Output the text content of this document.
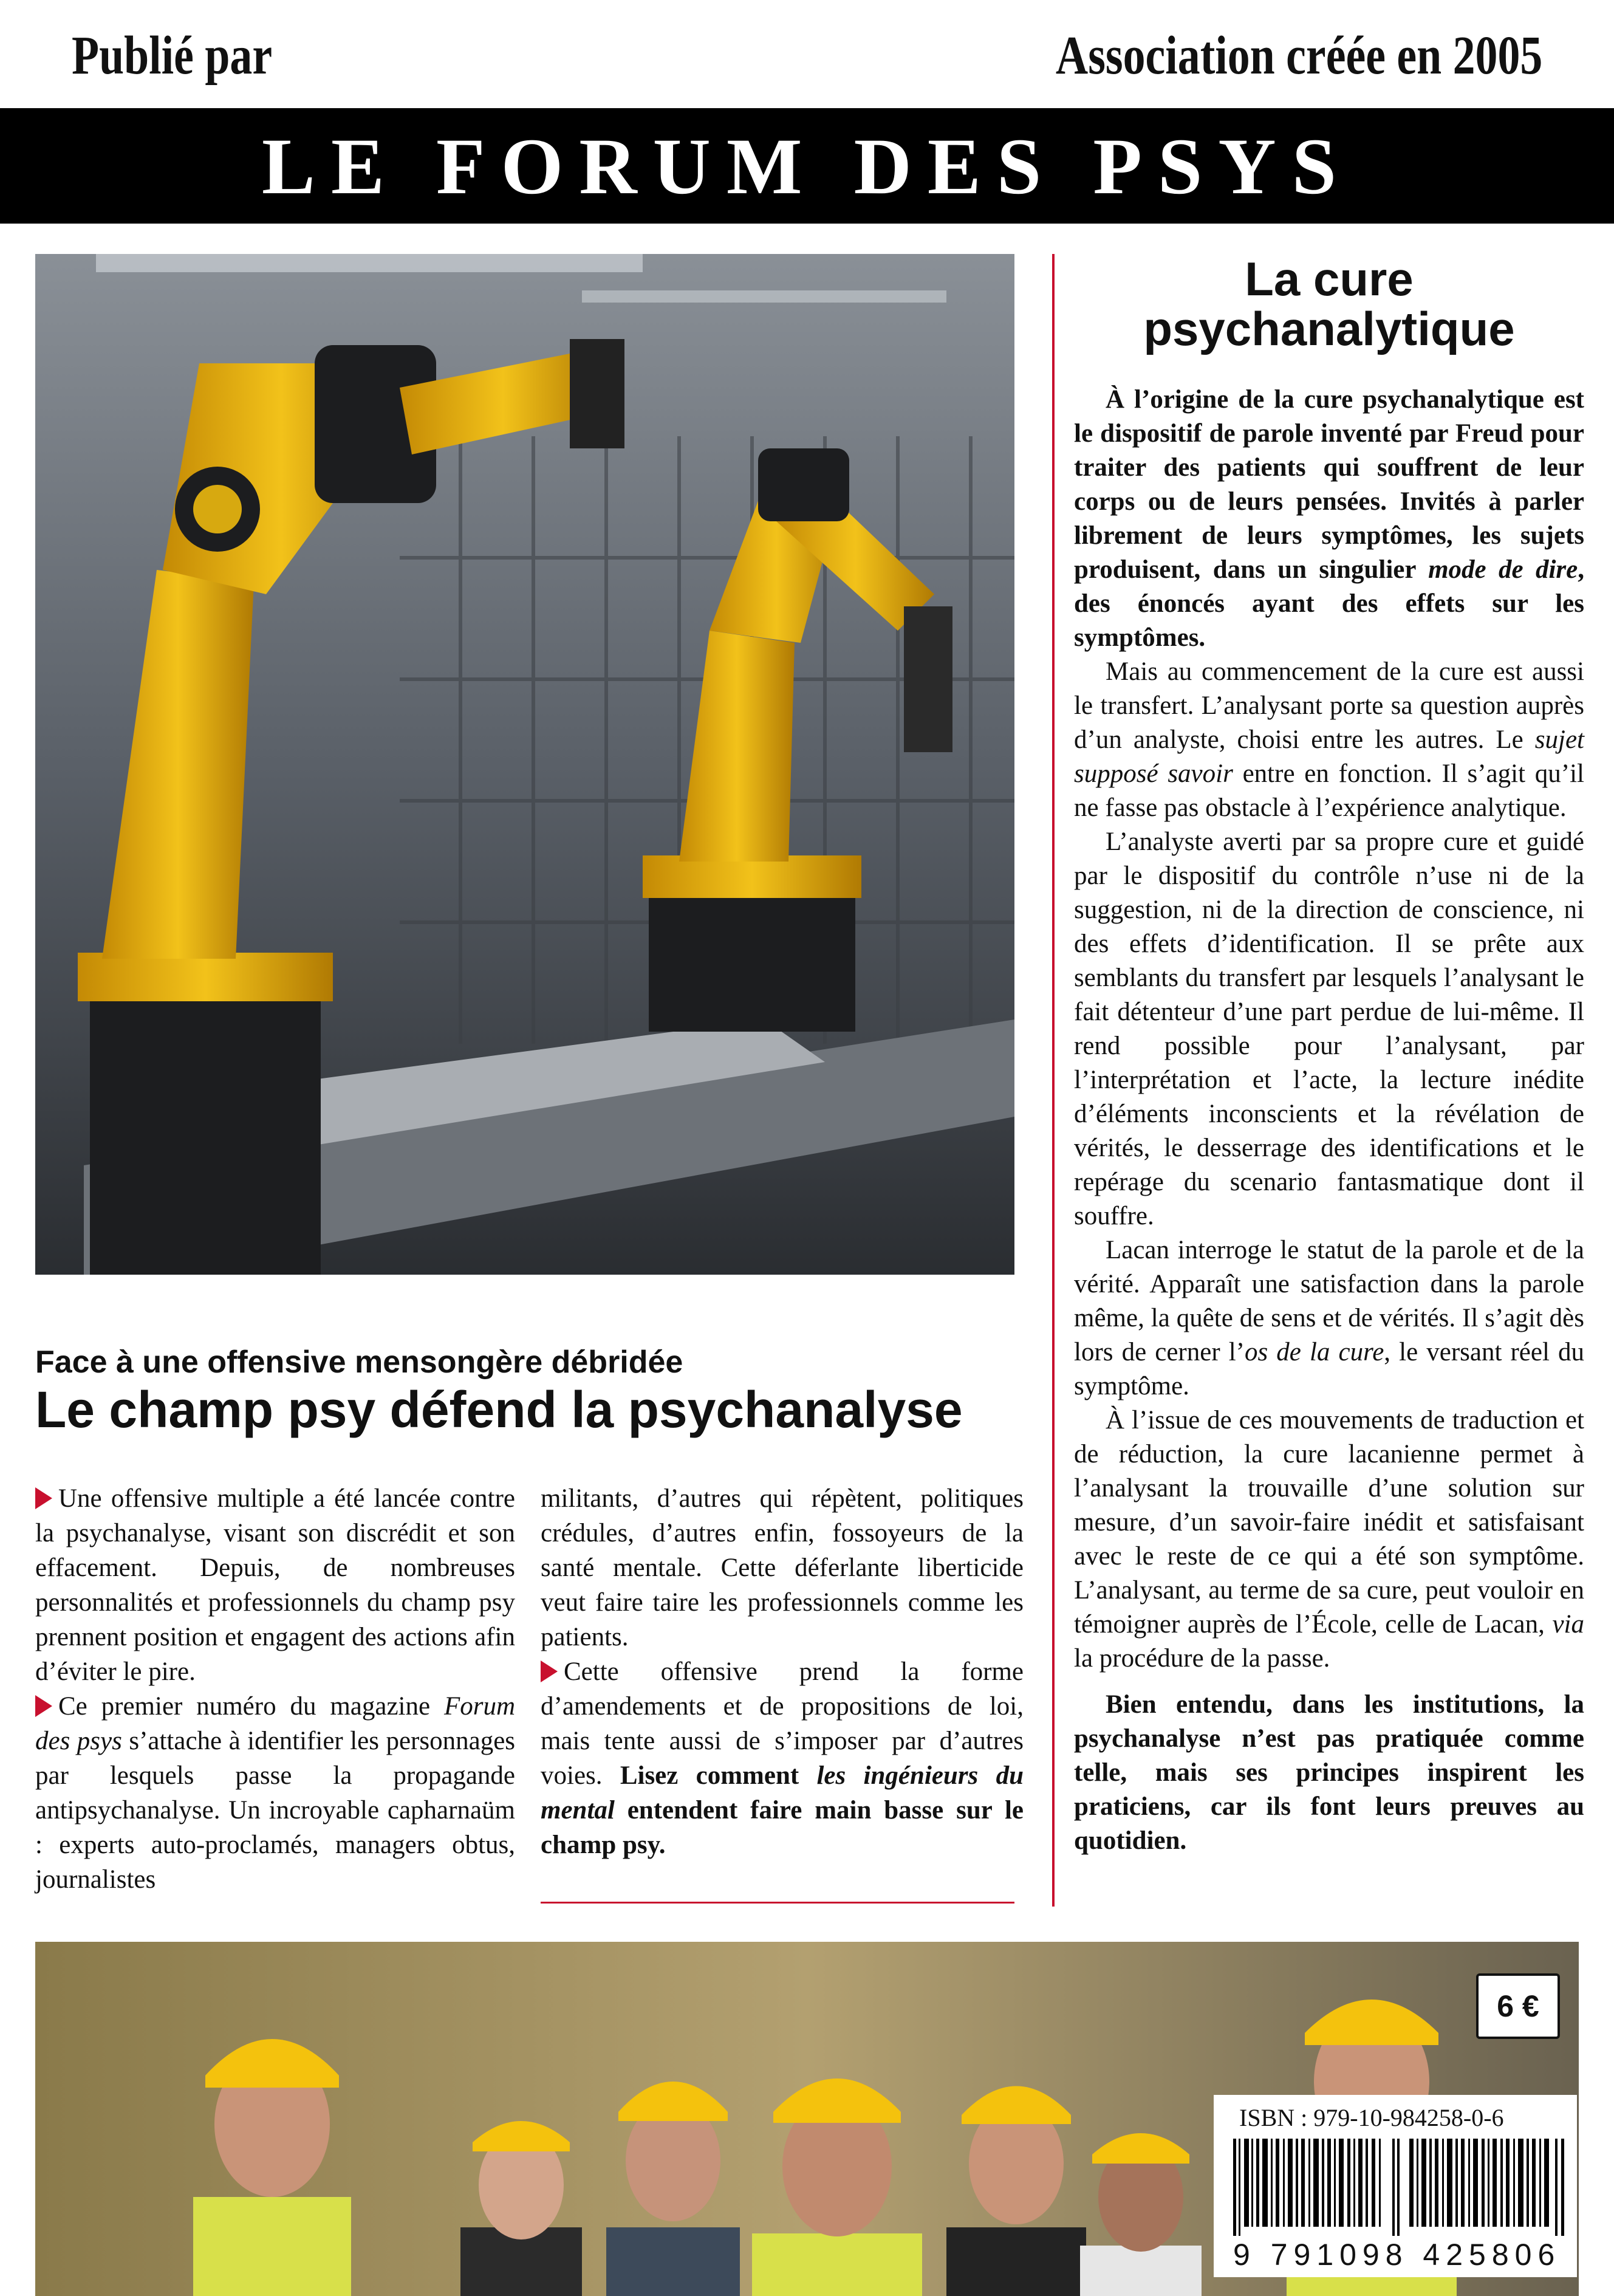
Publié par	Association créée en 2005
LE FORUM DES PSYS
La cure psychanalytique

À l’origine de la cure psychanalytique est le dispositif de parole inventé par Freud pour traiter des patients qui souffrent de leur corps ou de leurs pensées. Invités à parler librement de leurs symptômes, les sujets produisent, dans un singulier mode de dire, des énoncés ayant des effets sur les symptômes.

Mais au commencement de la cure est aussi le transfert. L’analysant porte sa question auprès d’un analyste, choisi entre les autres. Le sujet supposé savoir entre en fonction. Il s’agit qu’il ne fasse pas obstacle à l’expérience analytique.

L’analyste averti par sa propre cure et guidé par le dispositif du contrôle n’use ni de la suggestion, ni de la direction de conscience, ni des effets d’identification. Il se prête aux semblants du transfert par lesquels l’analysant le fait détenteur d’une part perdue de lui-même. Il rend possible pour l’analysant, par l’interprétation et l’acte, la lecture inédite d’éléments inconscients et la révélation de vérités, le desserrage des identifications et le repérage du scenario fantasmatique dont il souffre.

Lacan interroge le statut de la parole et de la vérité. Apparaît une satisfaction dans la parole même, la quête de sens et de vérités. Il s’agit dès lors de cerner l’os de la cure, le versant réel du symptôme.

À l’issue de ces mouvements de traduction et de réduction, la cure lacanienne permet à l’analysant la trouvaille d’une solution sur mesure, d’un savoir-faire inédit et satisfaisant avec le reste de ce qui a été son symptôme. L’analysant, au terme de sa cure, peut vouloir en témoigner auprès de l’École, celle de Lacan, via la procédure de la passe.

Bien entendu, dans les institutions, la psychanalyse n’est pas pratiquée comme telle, mais ses principes inspirent les praticiens, car ils font leurs preuves au quotidien.

Face à une offensive mensongère débridée
Le champ psy défend la psychanalyse

Une offensive multiple a été lancée contre la psychanalyse, visant son discrédit et son effacement. Depuis, de nombreuses personnalités et professionnels du champ psy prennent position et engagent des actions afin d’éviter le pire.

Ce premier numéro du magazine Forum des psys s’attache à identifier les personnages par lesquels passe la propagande antipsychanalyse. Un incroyable capharnaüm : experts auto-proclamés, managers obtus, journalistes

militants, d’autres qui répètent, politiques crédules, d’autres enfin, fossoyeurs de la santé mentale. Cette déferlante liberticide veut faire taire les professionnels comme les patients.

Cette offensive prend la forme d’amendements et de propositions de loi, mais tente aussi de s’imposer par d’autres voies. Lisez comment les ingénieurs du mental entendent faire main basse sur le champ psy.

6 €
ISBN : 979-10-984258-0-6
9 791098 425806
